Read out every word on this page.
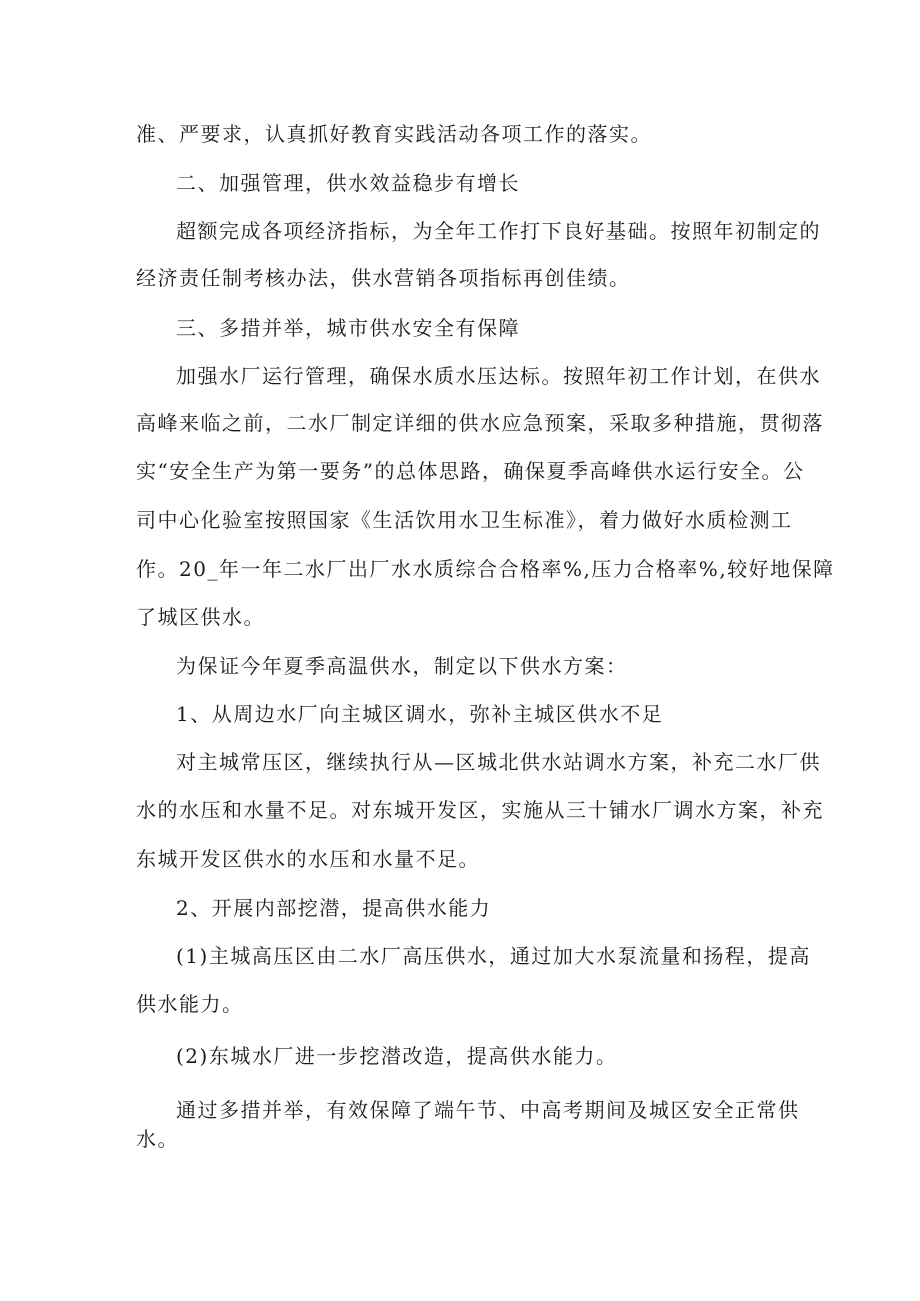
准、严要求，认真抓好教育实践活动各项工作的落实。
二、加强管理，供水效益稳步有增长
超额完成各项经济指标，为全年工作打下良好基础。按照年初制定的
经济责任制考核办法，供水营销各项指标再创佳绩。
三、多措并举，城市供水安全有保障
加强水厂运行管理，确保水质水压达标。按照年初工作计划，在供水
高峰来临之前，二水厂制定详细的供水应急预案，采取多种措施，贯彻落
实“安全生产为第一要务”的总体思路，确保夏季高峰供水运行安全。公
司中心化验室按照国家《生活饮用水卫生标准》，着力做好水质检测工
作。20_年一年二水厂出厂水水质综合合格率%,压力合格率%,较好地保障
了城区供水。
为保证今年夏季高温供水，制定以下供水方案：
1、从周边水厂向主城区调水，弥补主城区供水不足
对主城常压区，继续执行从—区城北供水站调水方案，补充二水厂供
水的水压和水量不足。对东城开发区，实施从三十铺水厂调水方案，补充
东城开发区供水的水压和水量不足。
2、开展内部挖潜，提高供水能力
(1)主城高压区由二水厂高压供水，通过加大水泵流量和扬程，提高
供水能力。
(2)东城水厂进一步挖潜改造，提高供水能力。
通过多措并举，有效保障了端午节、中高考期间及城区安全正常供
水。
